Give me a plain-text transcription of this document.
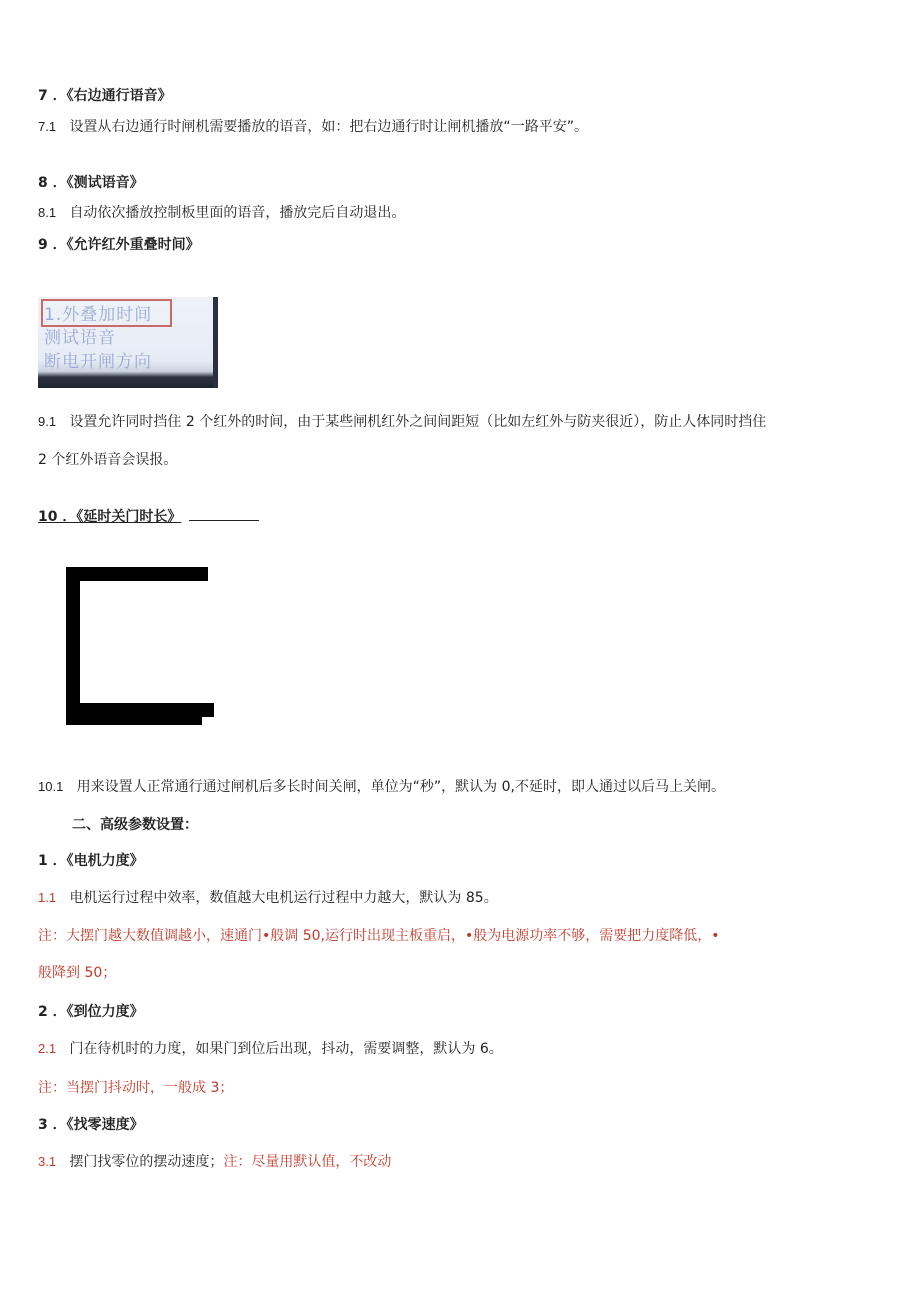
7 ．《右边通行语音》
7.1 设置从右边通行时闸机需要播放的语音，如：把右边通行时让闸机播放“一路平安”。
8 ．《测试语音》
8.1 自动依次播放控制板里面的语音，播放完后自动退出。
9 ．《允许红外重叠时间》
1.外叠加时间
测试语音
断电开闸方向
9.1 设置允许同时挡住 2 个红外的时间，由于某些闸机红外之间间距短（比如左红外与防夹很近），防止人体同时挡住
2 个红外语音会误报。
10 ．《延时关门时长》
10.1 用来设置人正常通行通过闸机后多长时间关闸，单位为“秒”，默认为 0,不延时，即人通过以后马上关闸。
二、高级参数设置：
1 ．《电机力度》
1.1 电机运行过程中效率，数值越大电机运行过程中力越大，默认为 85。
注：大摆门越大数值调越小，速通门•般调 50,运行时出现主板重启，•般为电源功率不够，需要把力度降低，•
般降到 50；
2 ．《到位力度》
2.1 门在待机时的力度，如果门到位后出现，抖动，需要调整，默认为 6。
注：当摆门抖动时，一般成 3；
3 ．《找零速度》
3.1 摆门找零位的摆动速度；注：尽量用默认值，不改动
